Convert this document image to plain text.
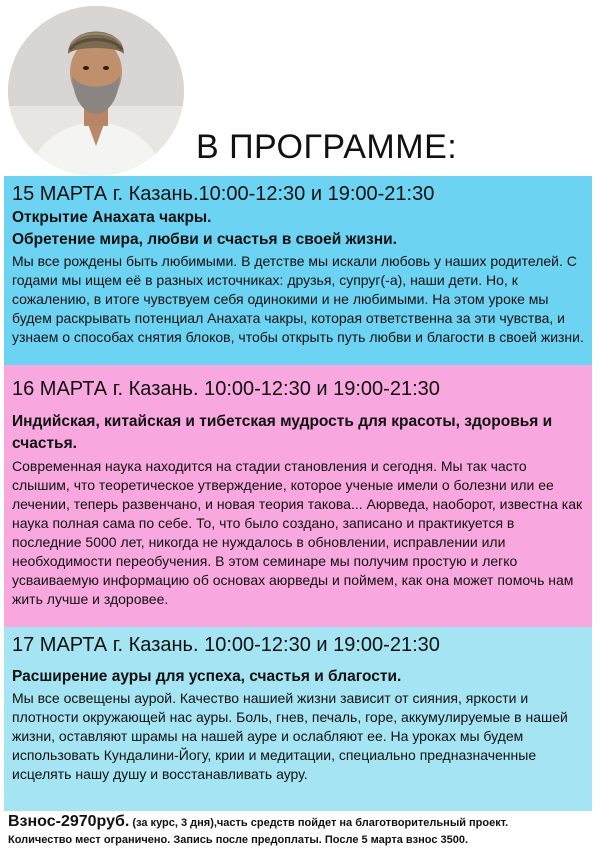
В ПРОГРАММЕ:
15 МАРТА г. Казань.10:00-12:30 и 19:00-21:30
Открытие Анахата чакры.
Обретение мира, любви и счастья в своей жизни.
Мы все рождены быть любимыми. В детстве мы искали любовь у наших родителей. С годами мы ищем её в разных источниках: друзья, супруг(-а), наши дети. Но, к сожалению, в итоге чувствуем себя одинокими и не любимыми. На этом уроке мы будем раскрывать потенциал Анахата чакры, которая ответственна за эти чувства, и узнаем о способах снятия блоков, чтобы открыть путь любви и благости в своей жизни.
16 МАРТА г. Казань. 10:00-12:30 и 19:00-21:30
Индийская, китайская и тибетская мудрость для красоты, здоровья и счастья.
Современная наука находится на стадии становления и сегодня. Мы так часто слышим, что теоретическое утверждение, которое ученые имели о болезни или ее лечении, теперь развенчано, и новая теория такова... Аюрведа, наоборот, известна как наука полная сама по себе. То, что было создано, записано и практикуется в последние 5000 лет, никогда не нуждалось в обновлении, исправлении или необходимости переобучения. В этом семинаре мы получим простую и легко усваиваемую информацию об основах аюрведы и поймем, как она может помочь нам жить лучше и здоровее.
17 МАРТА г. Казань. 10:00-12:30 и 19:00-21:30
Расширение ауры для успеха, счастья и благости.
Мы все освещены аурой. Качество нашией жизни зависит от сияния, яркости и плотности окружающей нас ауры. Боль, гнев, печаль, горе, аккумулируемые в нашей жизни, оставляют шрамы на нашей ауре и ослабляют ее. На уроках мы будем использовать Кундалини-Йогу, крии и медитации, специально предназначенные исцелять нашу душу и восстанавливать ауру.
Взнос-2970руб. (за курс, 3 дня),часть средств пойдет на благотворительный проект.
Количество мест ограничено. Запись после предоплаты. После 5 марта взнос 3500.
